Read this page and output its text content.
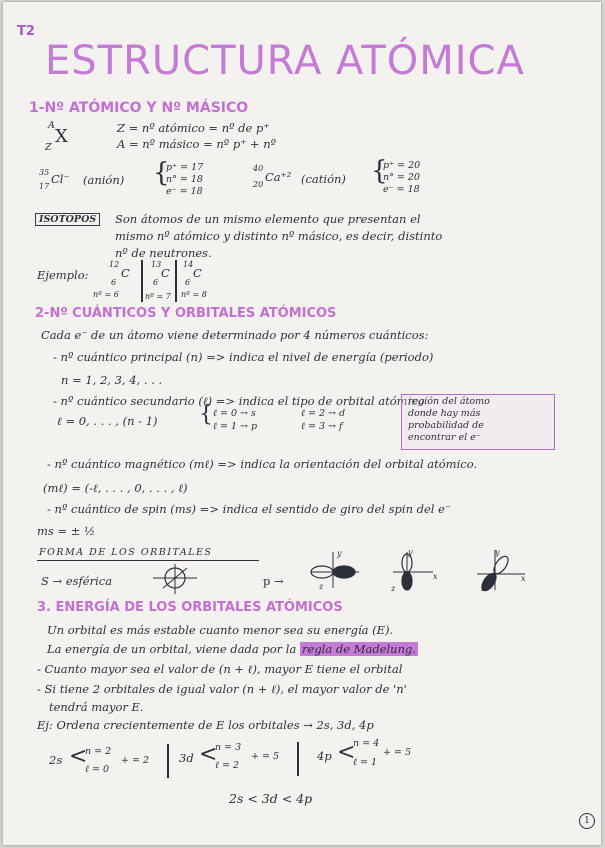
T2
ESTRUCTURA ATÓMICA
1-Nº ATÓMICO Y Nº MÁSICO
A
X
Z
Z = nº atómico = nº de p⁺
A = nº másico = nº p⁺ + nº
35
17
Cl⁻ (anión) {
p⁺ = 17
n° = 18
e⁻ = 18
40
20
Ca⁺² (catión) {
p⁺ = 20
n° = 20
e⁻ = 18
ISÓTOPOS	Son átomos de un mismo elemento que presentan el
mismo nº atómico y distinto nº másico, es decir, distinto
nº de neutrones.
Ejemplo:
12
C
6
nº = 6
13
C
6
nº = 7
14
C
6
nº = 8
2-Nº CUÁNTICOS Y ORBITALES ATÓMICOS
Cada e⁻ de un átomo viene determinado por 4 números cuánticos:
- nº cuántico principal (n) => indica el nivel de energía (periodo)
n = 1, 2, 3, 4, . . .
- nº cuántico secundario (ℓ) => indica el tipo de orbital atómico
ℓ = 0, . . . , (n - 1) { ℓ = 0 → s
ℓ = 1 → p
ℓ = 2 → d
ℓ = 3 → f
región del átomo
donde hay más
probabilidad de
encontrar el e⁻
- nº cuántico magnético (mℓ) => indica la orientación del orbital atómico.
(mℓ) = (-ℓ, . . . , 0, . . . , ℓ)
- nº cuántico de spin (ms) => indica el sentido de giro del spin del e⁻
ms = ± ½
FORMA DE LOS ORBITALES
S → esférica	p →
y
z
y
x
z
y
x
z
3. ENERGÍA DE LOS ORBITALES ATÓMICOS
Un orbital es más estable cuanto menor sea su energía (E).
La energía de un orbital, viene dada por la regla de Madelung.
- Cuanto mayor sea el valor de (n + ℓ), mayor E tiene el orbital
- Si tiene 2 orbitales de igual valor (n + ℓ), el mayor valor de 'n'
tendrá mayor E.
Ej: Ordena crecientemente de E los orbitales → 2s, 3d, 4p
2s <
n = 2
ℓ = 0
+ = 2	3d <
n = 3
ℓ = 2
+ = 5	4p <
n = 4
ℓ = 1
+ = 5
2s < 3d < 4p
1
